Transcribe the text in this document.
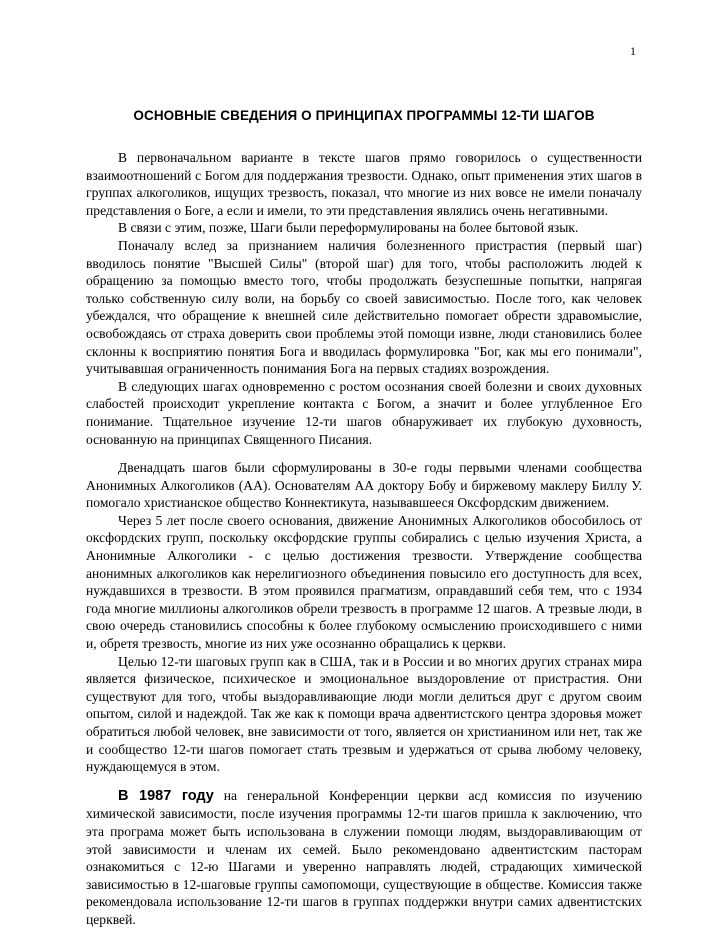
1
ОСНОВНЫЕ СВЕДЕНИЯ О ПРИНЦИПАХ ПРОГРАММЫ 12-ТИ ШАГОВ

В первоначальном варианте в тексте шагов прямо говорилось о существенности взаимоотношений с Богом для поддержания трезвости. Однако, опыт применения этих шагов в группах алкоголиков, ищущих трезвость, показал, что многие из них вовсе не имели поначалу представления о Боге, а если и имели, то эти представления являлись очень негативными.

В связи с этим, позже, Шаги были переформулированы на более бытовой язык.

Поначалу вслед за признанием наличия болезненного пристрастия (первый шаг) вводилось понятие "Высшей Силы" (второй шаг) для того, чтобы расположить людей к обращению за помощью вместо того, чтобы продолжать безуспешные попытки, напрягая только собственную силу воли, на борьбу со своей зависимостью. После того, как человек убеждался, что обращение к внешней силе действительно помогает обрести здравомыслие, освобождаясь от страха доверить свои проблемы этой помощи извне, люди становились более склонны к восприятию понятия Бога и вводилась формулировка "Бог, как мы его понимали", учитывавшая ограниченность понимания Бога на первых стадиях возрождения.

В следующих шагах одновременно с ростом осознания своей болезни и своих духовных слабостей происходит укрепление контакта с Богом, а значит и более углубленное Его понимание. Тщательное изучение 12-ти шагов обнаруживает их глубокую духовность, основанную на принципах Священного Писания.

Двенадцать шагов были сформулированы в 30-е годы первыми членами сообщества Анонимных Алкоголиков (АА). Основателям АА доктору Бобу и биржевому маклеру Биллу У. помогало христианское общество Коннектикута, называвшееся Оксфордским движением.

Через 5 лет после своего основания, движение Анонимных Алкоголиков обособилось от оксфордских групп, поскольку оксфордские группы собирались с целью изучения Христа, а Анонимные Алкоголики - с целью достижения трезвости. Утверждение сообщества анонимных алкоголиков как нерелигиозного объединения повысило его доступность для всех, нуждавшихся в трезвости. В этом проявился прагматизм, оправдавший себя тем, что с 1934 года многие миллионы алкоголиков обрели трезвость в программе 12 шагов. А трезвые люди, в свою очередь становились способны к более глубокому осмыслению происходившего с ними и, обретя трезвость, многие из них уже осознанно обращались к церкви.

Целью 12-ти шаговых групп как в США, так и в России и во многих других странах мира является физическое, психическое и эмоциональное выздоровление от пристрастия. Они существуют для того, чтобы выздоравливающие люди могли делиться друг с другом своим опытом, силой и надеждой. Так же как к помощи врача адвентистского центра здоровья может обратиться любой человек, вне зависимости от того, является он христианином или нет, так же и сообщество 12-ти шагов помогает стать трезвым и удержаться от срыва любому человеку, нуждающемуся в этом.

В 1987 году на генеральной Конференции церкви асд комиссия по изучению химической зависимости, после изучения программы 12-ти шагов пришла к заключению, что эта програма может быть использована в служении помощи людям, выздоравливающим от этой зависимости и членам их семей. Было рекомендовано адвентистским пасторам ознакомиться с 12-ю Шагами и уверенно направлять людей, страдающих химической зависимостью в 12-шаговые группы самопомощи, существующие в обществе. Комиссия также рекомендовала использование 12-ти шагов в группах поддержки внутри самих адвентистских церквей.
